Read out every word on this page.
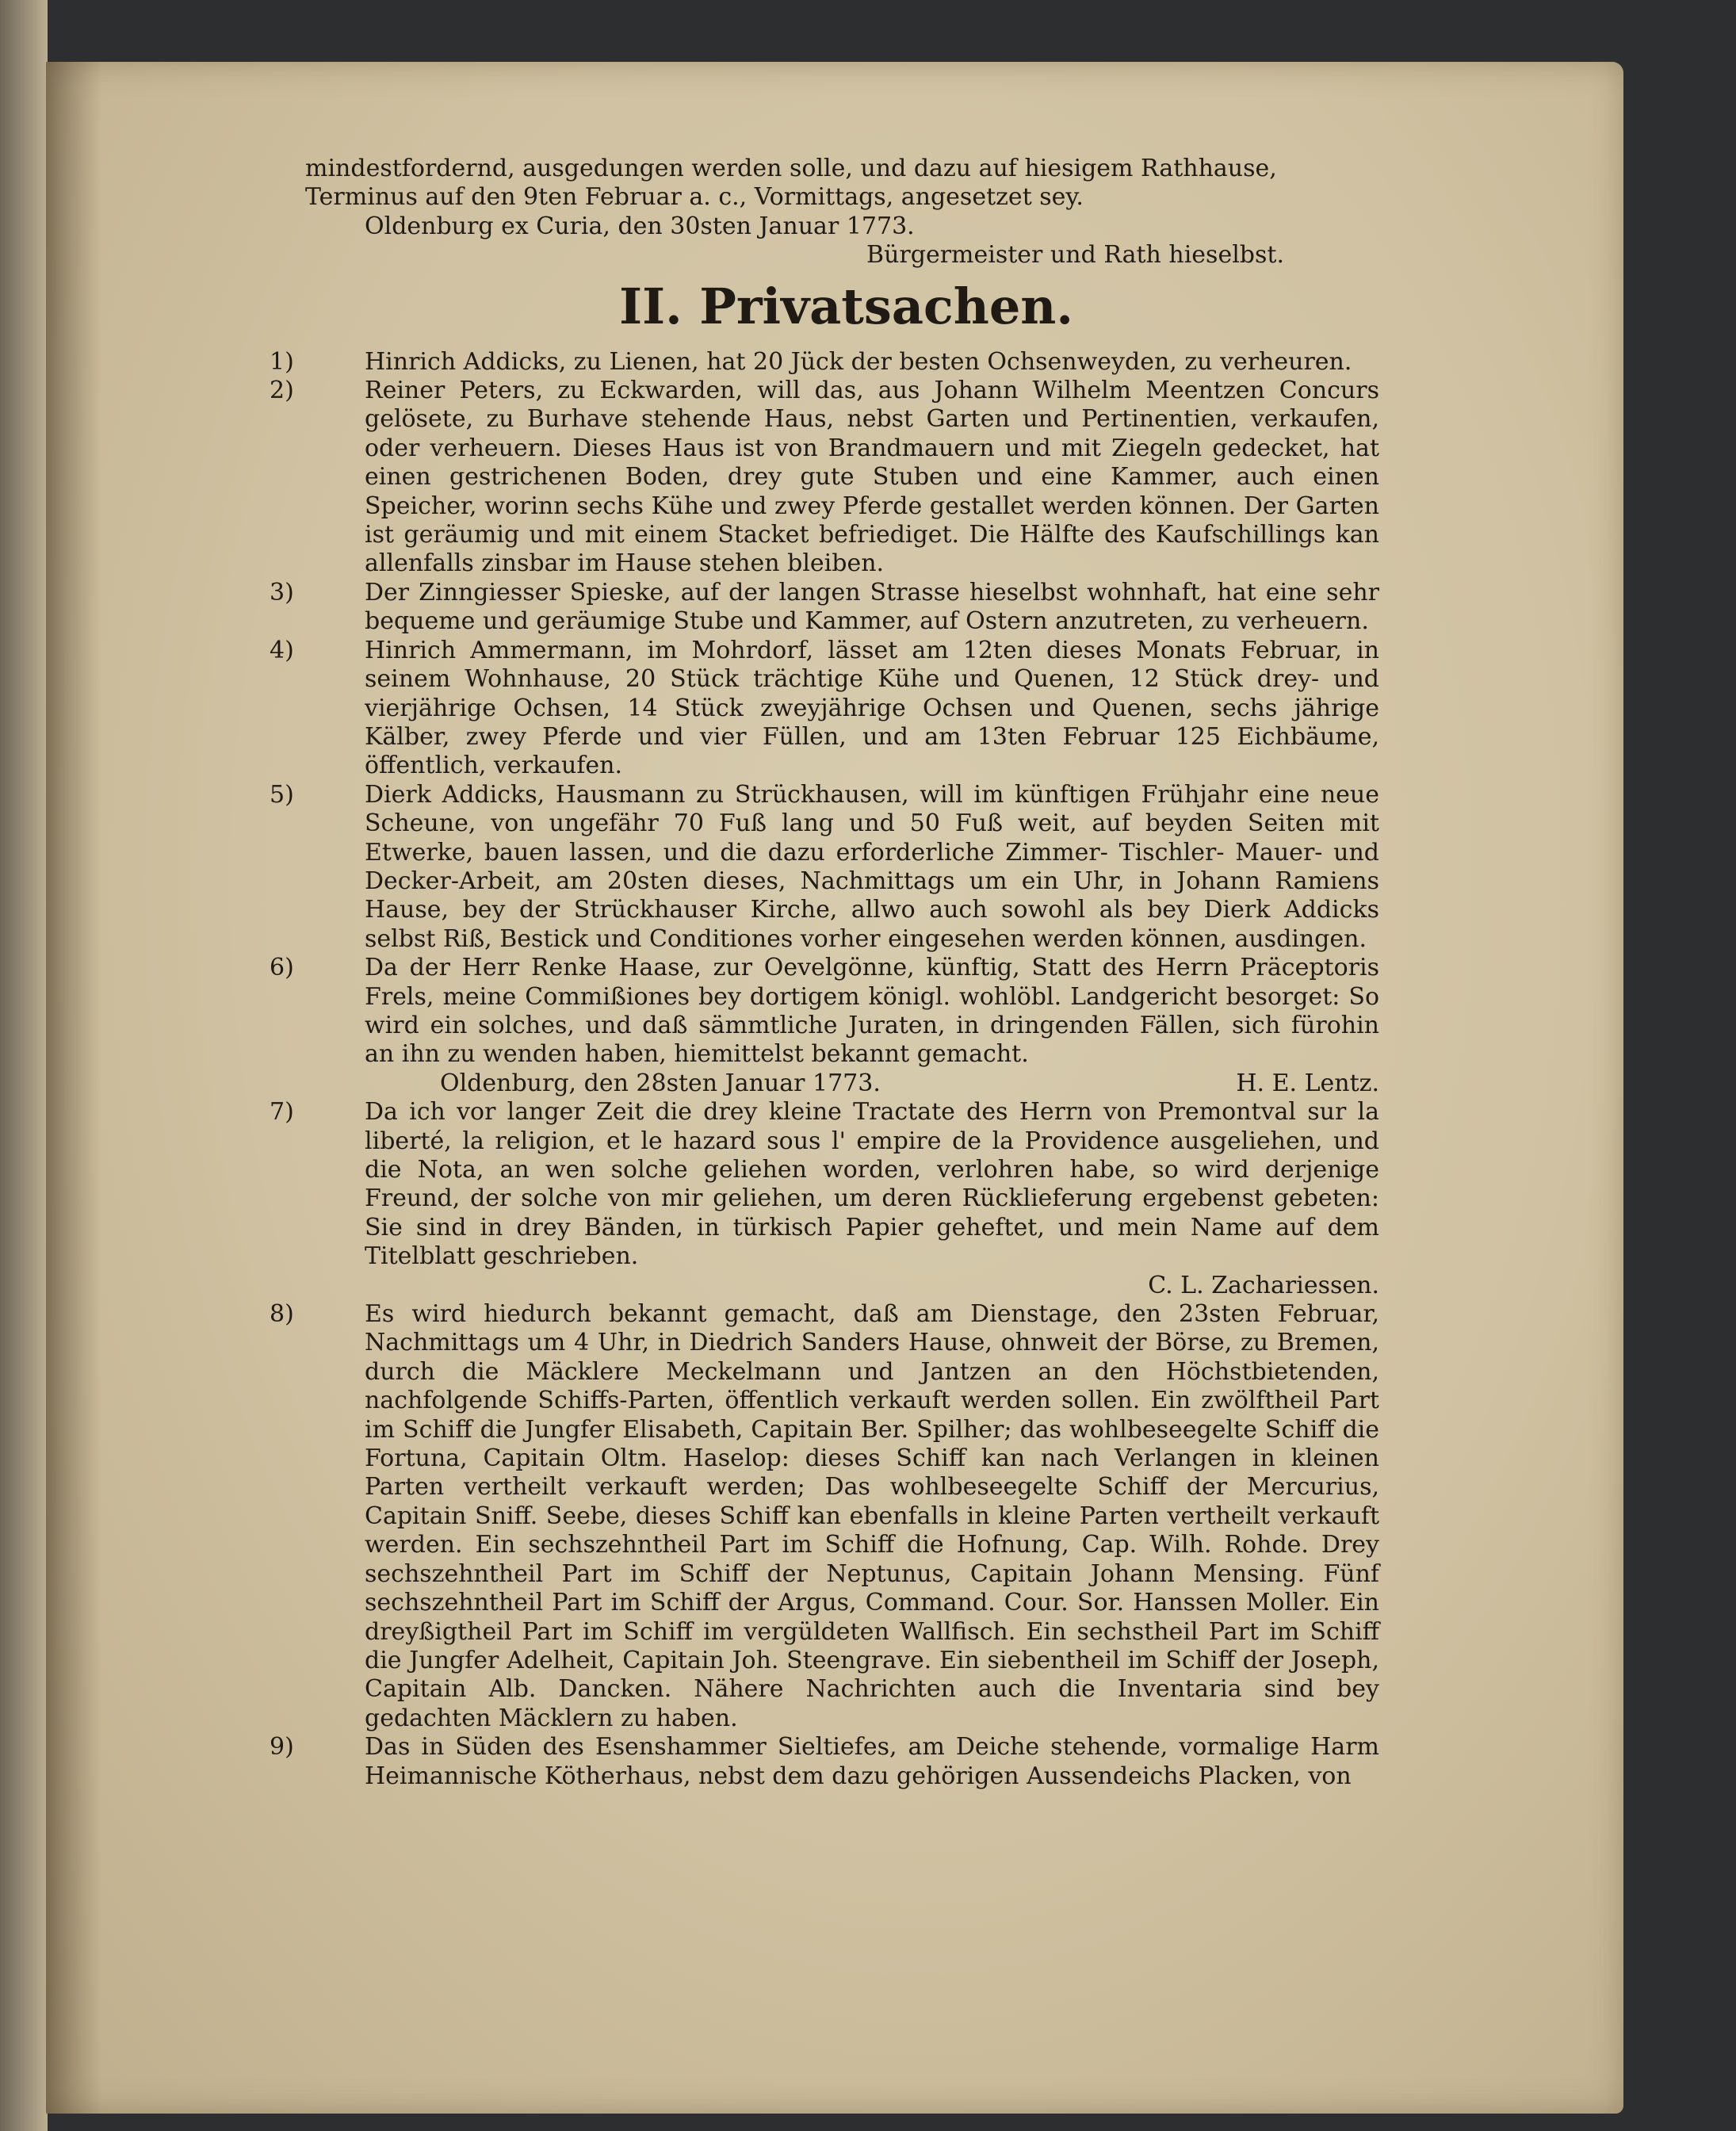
mindestfordernd, ausgedungen werden solle, und dazu auf hiesigem Rathhause,

Terminus auf den 9ten Februar a. c., Vormittags, angesetzet sey.

Oldenburg ex Curia, den 30sten Januar 1773.

Bürgermeister und Rath hieselbst.

II. Privatsachen.
1)	Hinrich Addicks, zu Lienen, hat 20 Jück der besten Ochsenweyden, zu verheuren.

2)	Reiner Peters, zu Eckwarden, will das, aus Johann Wilhelm Meentzen Concurs gelösete, zu Burhave stehende Haus, nebst Garten und Pertinentien, verkaufen, oder verheuern. Dieses Haus ist von Brandmauern und mit Ziegeln gedecket, hat einen gestrichenen Boden, drey gute Stuben und eine Kammer, auch einen Speicher, worinn sechs Kühe und zwey Pferde gestallet werden können. Der Garten ist geräumig und mit einem Stacket befriediget. Die Hälfte des Kaufschillings kan allenfalls zinsbar im Hause stehen bleiben.

3)	Der Zinngiesser Spieske, auf der langen Strasse hieselbst wohnhaft, hat eine sehr bequeme und geräumige Stube und Kammer, auf Ostern anzutreten, zu verheuern.

4)	Hinrich Ammermann, im Mohrdorf, lässet am 12ten dieses Monats Februar, in seinem Wohnhause, 20 Stück trächtige Kühe und Quenen, 12 Stück drey- und vierjährige Ochsen, 14 Stück zweyjährige Ochsen und Quenen, sechs jährige Kälber, zwey Pferde und vier Füllen, und am 13ten Februar 125 Eichbäume, öffentlich, verkaufen.

5)	Dierk Addicks, Hausmann zu Strückhausen, will im künftigen Frühjahr eine neue Scheune, von ungefähr 70 Fuß lang und 50 Fuß weit, auf beyden Seiten mit Etwerke, bauen lassen, und die dazu erforderliche Zimmer- Tischler- Mauer- und Decker-Arbeit, am 20sten dieses, Nachmittags um ein Uhr, in Johann Ramiens Hause, bey der Strückhauser Kirche, allwo auch sowohl als bey Dierk Addicks selbst Riß, Bestick und Conditiones vorher eingesehen werden können, ausdingen.

6)	Da der Herr Renke Haase, zur Oevelgönne, künftig, Statt des Herrn Präceptoris Frels, meine Commißiones bey dortigem königl. wohlöbl. Landgericht besorget: So wird ein solches, und daß sämmtliche Juraten, in dringenden Fällen, sich fürohin an ihn zu wenden haben, hiemittelst bekannt gemacht.

Oldenburg, den 28sten Januar 1773.	H. E. Lentz.
7)	Da ich vor langer Zeit die drey kleine Tractate des Herrn von Premontval sur la liberté, la religion, et le hazard sous l' empire de la Providence ausgeliehen, und die Nota, an wen solche geliehen worden, verlohren habe, so wird derjenige Freund, der solche von mir geliehen, um deren Rücklieferung ergebenst gebeten: Sie sind in drey Bänden, in türkisch Papier geheftet, und mein Name auf dem Titelblatt geschrieben.

C. L. Zachariessen.
8)	Es wird hiedurch bekannt gemacht, daß am Dienstage, den 23sten Februar, Nachmittags um 4 Uhr, in Diedrich Sanders Hause, ohnweit der Börse, zu Bremen, durch die Mäcklere Meckelmann und Jantzen an den Höchstbietenden, nachfolgende Schiffs-Parten, öffentlich verkauft werden sollen. Ein zwölftheil Part im Schiff die Jungfer Elisabeth, Capitain Ber. Spilher; das wohlbeseegelte Schiff die Fortuna, Capitain Oltm. Haselop: dieses Schiff kan nach Verlangen in kleinen Parten vertheilt verkauft werden; Das wohlbeseegelte Schiff der Mercurius, Capitain Sniff. Seebe, dieses Schiff kan ebenfalls in kleine Parten vertheilt verkauft werden. Ein sechszehntheil Part im Schiff die Hofnung, Cap. Wilh. Rohde. Drey sechszehntheil Part im Schiff der Neptunus, Capitain Johann Mensing. Fünf sechszehntheil Part im Schiff der Argus, Command. Cour. Sor. Hanssen Moller. Ein dreyßigtheil Part im Schiff im vergüldeten Wallfisch. Ein sechstheil Part im Schiff die Jungfer Adelheit, Capitain Joh. Steengrave. Ein siebentheil im Schiff der Joseph, Capitain Alb. Dancken. Nähere Nachrichten auch die Inventaria sind bey gedachten Mäcklern zu haben.

9)	Das in Süden des Esenshammer Sieltiefes, am Deiche stehende, vormalige Harm Heimannische Kötherhaus, nebst dem dazu gehörigen Aussendeichs Placken, von
